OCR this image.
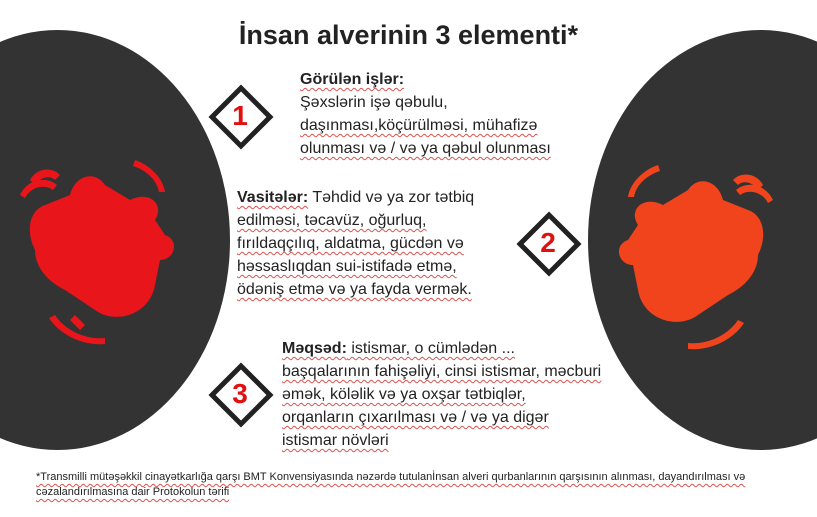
İnsan alverinin 3 elementi*
1
Görülən işlər:
Şəxslərin işə qəbulu,
daşınması,köçürülməsi, mühafizə
olunması və / və ya qəbul olunması
2
Vasitələr: Təhdid və ya zor tətbiq
edilməsi, təcavüz, oğurluq,
fırıldaqçılıq, aldatma, gücdən və
həssaslıqdan sui-istifadə etmə,
ödəniş etmə və ya fayda vermək.
3
Məqsəd: istismar, o cümlədən ...
başqalarının fahişəliyi, cinsi istismar, məcburi
əmək, köləlik və ya oxşar tətbiqlər,
orqanların çıxarılması və / və ya digər
istismar növləri
*Transmilli mütəşəkkil cinayətkarlığa qarşı BMT Konvensiyasında nəzərdə tutulanİnsan alveri qurbanlarının qarşısının alınması, dayandırılması və cəzalandırılmasına dair Protokolun tərifi
